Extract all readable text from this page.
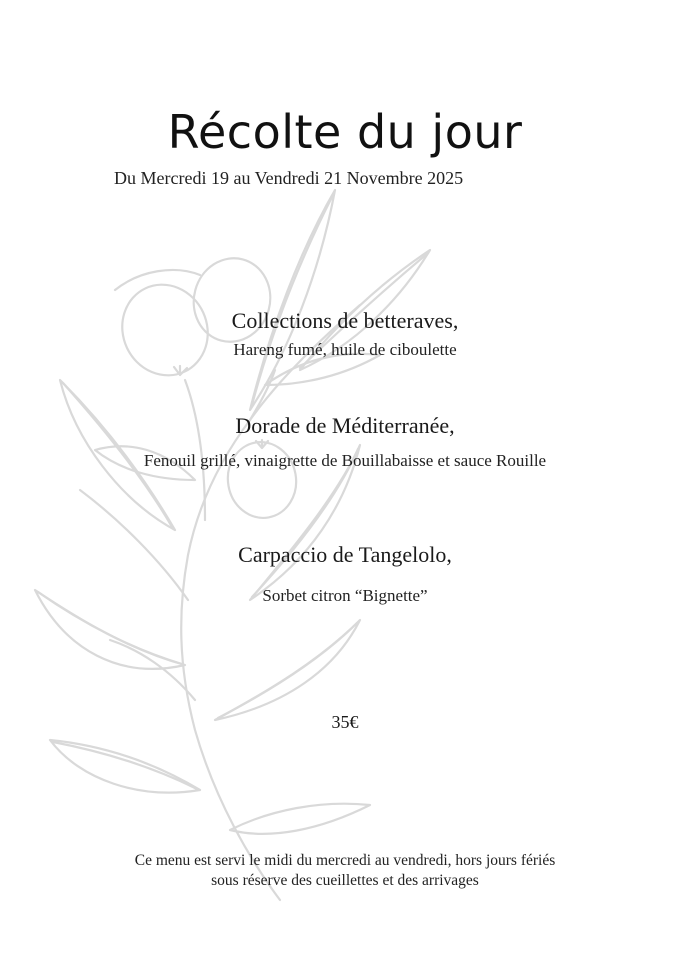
Récolte du jour
Du Mercredi 19 au Vendredi 21 Novembre 2025
Collections de betteraves,
Hareng fumé, huile de ciboulette
Dorade de Méditerranée,
Fenouil grillé, vinaigrette de Bouillabaisse et sauce Rouille
Carpaccio de Tangelolo,
Sorbet citron “Bignette”
35€
Ce menu est servi le midi du mercredi au vendredi, hors jours fériés
sous réserve des cueillettes et des arrivages
